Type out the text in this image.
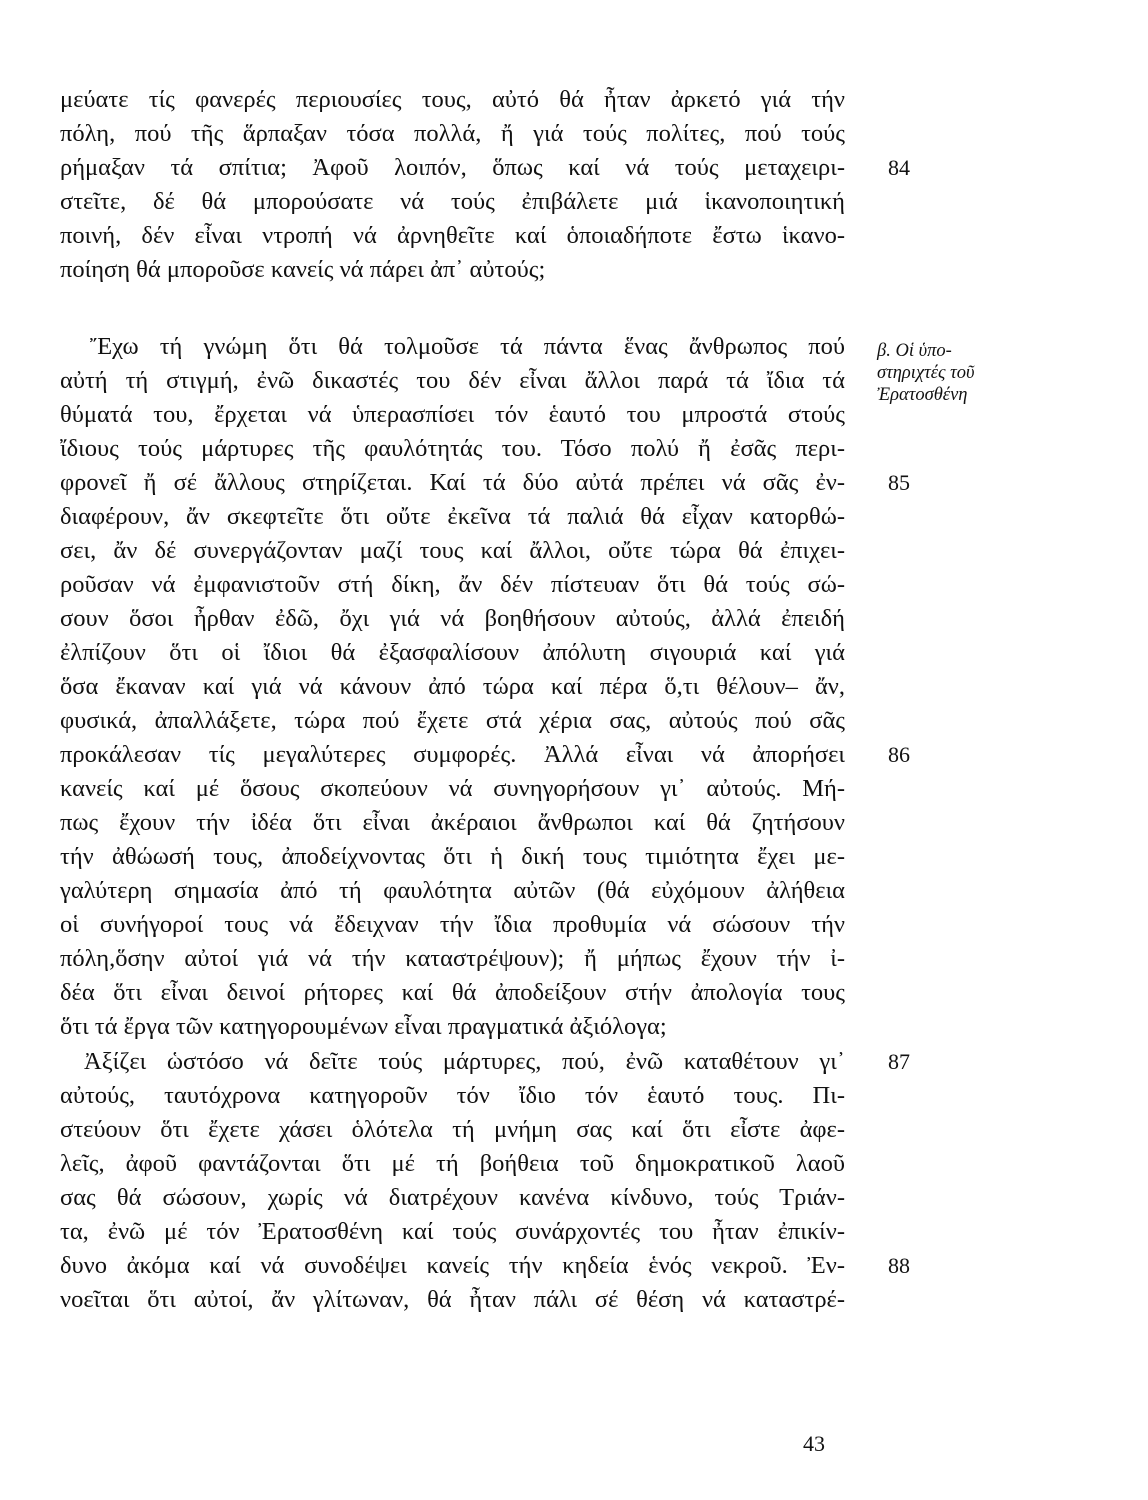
μεύατε τίς φανερές περιουσίες τους, αὐτό θά ἦταν ἀρκετό γιά τήν
πόλη, πού τῆς ἅρπαξαν τόσα πολλά, ἤ γιά τούς πολίτες, πού τούς
ρήμαξαν τά σπίτια; Ἀφοῦ λοιπόν, ὅπως καί νά τούς μεταχειρι-
στεῖτε, δέ θά μπορούσατε νά τούς ἐπιβάλετε μιά ἱκανοποιητική
ποινή, δέν εἶναι ντροπή νά ἀρνηθεῖτε καί ὁποιαδήποτε ἔστω ἱκανο-
ποίηση θά μποροῦσε κανείς νά πάρει ἀπ᾽ αὐτούς;
Ἔχω τή γνώμη ὅτι θά τολμοῦσε τά πάντα ἕνας ἄνθρωπος πού
αὐτή τή στιγμή, ἐνῶ δικαστές του δέν εἶναι ἄλλοι παρά τά ἴδια τά
θύματά του, ἔρχεται νά ὑπερασπίσει τόν ἑαυτό του μπροστά στούς
ἴδιους τούς μάρτυρες τῆς φαυλότητάς του. Τόσο πολύ ἤ ἐσᾶς περι-
φρονεῖ ἤ σέ ἄλλους στηρίζεται. Καί τά δύο αὐτά πρέπει νά σᾶς ἐν-
διαφέρουν, ἄν σκεφτεῖτε ὅτι οὔτε ἐκεῖνα τά παλιά θά εἶχαν κατορθώ-
σει, ἄν δέ συνεργάζονταν μαζί τους καί ἄλλοι, οὔτε τώρα θά ἐπιχει-
ροῦσαν νά ἐμφανιστοῦν στή δίκη, ἄν δέν πίστευαν ὅτι θά τούς σώ-
σουν ὅσοι ἦρθαν ἐδῶ, ὄχι γιά νά βοηθήσουν αὐτούς, ἀλλά ἐπειδή
ἐλπίζουν ὅτι οἱ ἴδιοι θά ἐξασφαλίσουν ἀπόλυτη σιγουριά καί γιά
ὅσα ἔκαναν καί γιά νά κάνουν ἀπό τώρα καί πέρα ὅ,τι θέλουν– ἄν,
φυσικά, ἀπαλλάξετε, τώρα πού ἔχετε στά χέρια σας, αὐτούς πού σᾶς
προκάλεσαν τίς μεγαλύτερες συμφορές. Ἀλλά εἶναι νά ἀπορήσει
κανείς καί μέ ὅσους σκοπεύουν νά συνηγορήσουν γι᾽ αὐτούς. Μή-
πως ἔχουν τήν ἰδέα ὅτι εἶναι ἀκέραιοι ἄνθρωποι καί θά ζητήσουν
τήν ἀθώωσή τους, ἀποδείχνοντας ὅτι ἡ δική τους τιμιότητα ἔχει με-
γαλύτερη σημασία ἀπό τή φαυλότητα αὐτῶν (θά εὐχόμουν ἀλήθεια
οἱ συνήγοροί τους νά ἔδειχναν τήν ἴδια προθυμία νά σώσουν τήν
πόλη,ὅσην αὐτοί γιά νά τήν καταστρέψουν); ἤ μήπως ἔχουν τήν ἰ-
δέα ὅτι εἶναι δεινοί ρήτορες καί θά ἀποδείξουν στήν ἀπολογία τους
ὅτι τά ἔργα τῶν κατηγορουμένων εἶναι πραγματικά ἀξιόλογα;
Ἀξίζει ὡστόσο νά δεῖτε τούς μάρτυρες, πού, ἐνῶ καταθέτουν γι᾽
αὐτούς, ταυτόχρονα κατηγοροῦν τόν ἴδιο τόν ἑαυτό τους. Πι-
στεύουν ὅτι ἔχετε χάσει ὁλότελα τή μνήμη σας καί ὅτι εἶστε ἀφε-
λεῖς, ἀφοῦ φαντάζονται ὅτι μέ τή βοήθεια τοῦ δημοκρατικοῦ λαοῦ
σας θά σώσουν, χωρίς νά διατρέχουν κανένα κίνδυνο, τούς Τριάν-
τα, ἐνῶ μέ τόν Ἐρατοσθένη καί τούς συνάρχοντές του ἦταν ἐπικίν-
δυνο ἀκόμα καί νά συνοδέψει κανείς τήν κηδεία ἑνός νεκροῦ. Ἐν-
νοεῖται ὅτι αὐτοί, ἄν γλίτωναν, θά ἦταν πάλι σέ θέση νά καταστρέ-
84
85
86
87
88
β. Οἱ ὑπο-
στηριχτές τοῦ
Ἐρατοσθένη
43
